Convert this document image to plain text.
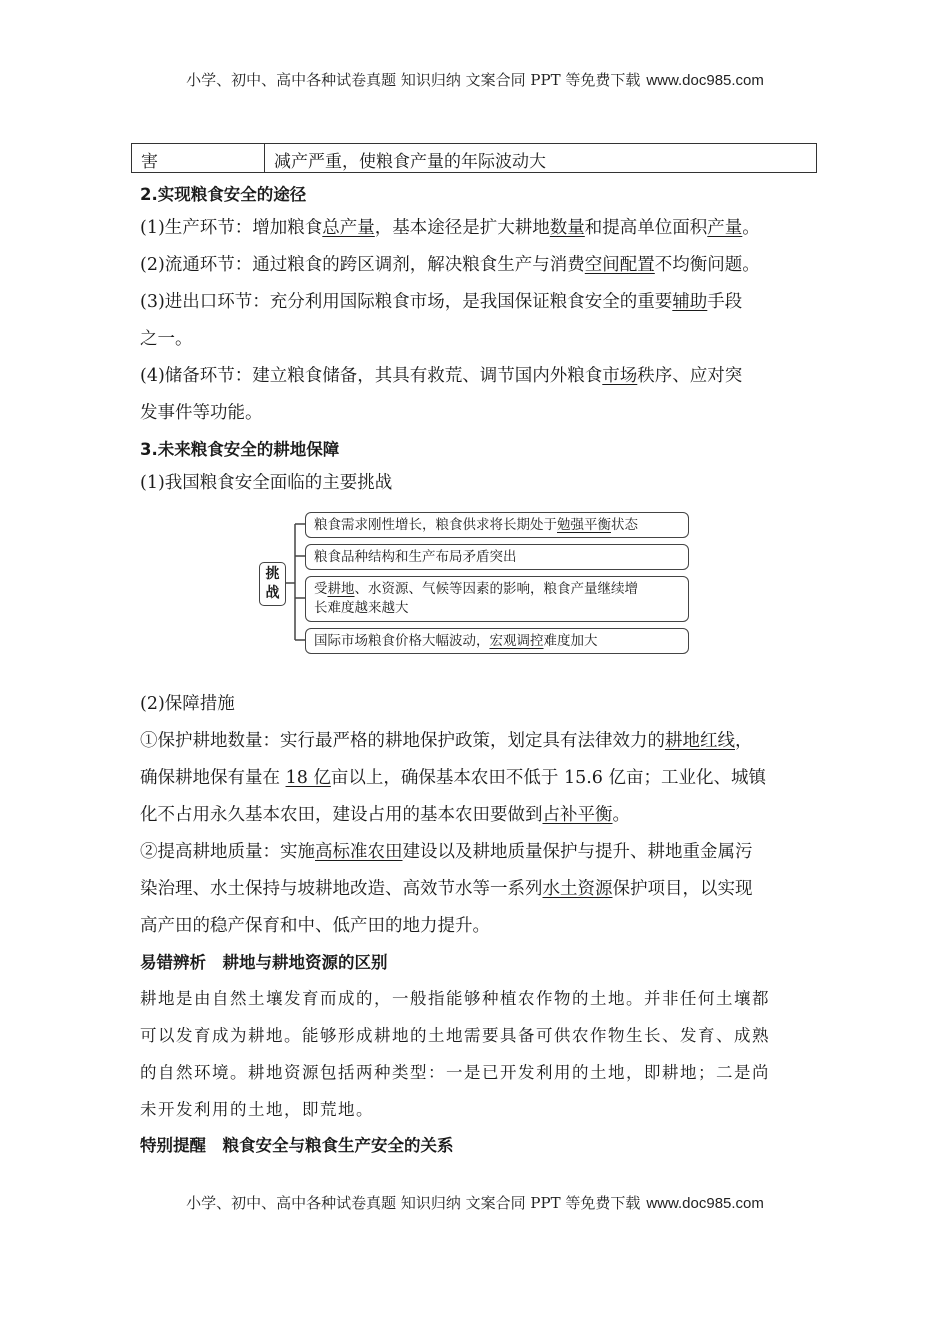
小学、初中、高中各种试卷真题 知识归纳 文案合同 PPT 等免费下载 www.doc985.com
害	减产严重，使粮食产量的年际波动大
2.实现粮食安全的途径
(1)生产环节：增加粮食总产量，基本途径是扩大耕地数量和提高单位面积产量。
(2)流通环节：通过粮食的跨区调剂，解决粮食生产与消费空间配置不均衡问题。
(3)进出口环节：充分利用国际粮食市场，是我国保证粮食安全的重要辅助手段
之一。
(4)储备环节：建立粮食储备，其具有救荒、调节国内外粮食市场秩序、应对突
发事件等功能。
3.未来粮食安全的耕地保障
(1)我国粮食安全面临的主要挑战
挑战
粮食需求刚性增长，粮食供求将长期处于勉强平衡状态
粮食品种结构和生产布局矛盾突出
受耕地、水资源、气候等因素的影响，粮食产量继续增
长难度越来越大
国际市场粮食价格大幅波动，宏观调控难度加大
(2)保障措施
①保护耕地数量：实行最严格的耕地保护政策，划定具有法律效力的耕地红线，
确保耕地保有量在 18 亿亩以上，确保基本农田不低于 15.6 亿亩；工业化、城镇
化不占用永久基本农田，建设占用的基本农田要做到占补平衡。
②提高耕地质量：实施高标准农田建设以及耕地质量保护与提升、耕地重金属污
染治理、水土保持与坡耕地改造、高效节水等一系列水土资源保护项目，以实现
高产田的稳产保育和中、低产田的地力提升。
易错辨析　耕地与耕地资源的区别
耕地是由自然土壤发育而成的，一般指能够种植农作物的土地。并非任何土壤都
可以发育成为耕地。能够形成耕地的土地需要具备可供农作物生长、发育、成熟
的自然环境。耕地资源包括两种类型：一是已开发利用的土地，即耕地；二是尚
未开发利用的土地，即荒地。
特别提醒　粮食安全与粮食生产安全的关系
小学、初中、高中各种试卷真题 知识归纳 文案合同 PPT 等免费下载 www.doc985.com
